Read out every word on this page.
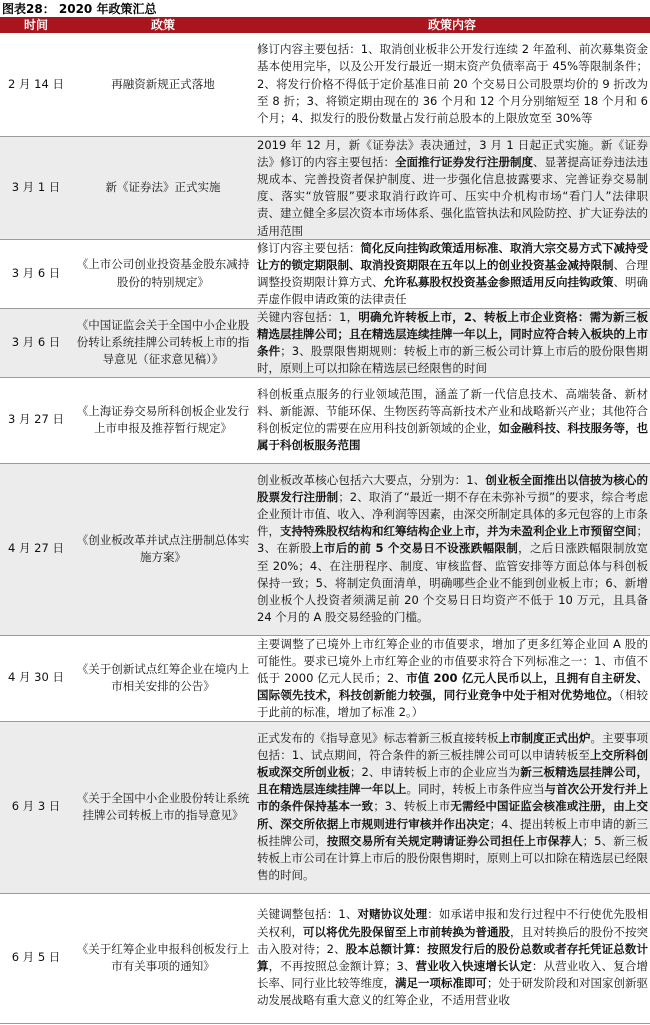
图表28： 2020 年政策汇总
时间	政策	政策内容
2 月 14 日	再融资新规正式落地	修订内容主要包括：1、取消创业板非公开发行连续 2 年盈利、前次募集资金基本使用完毕，以及公开发行最近一期末资产负债率高于 45%等限制条件；2、将发行价格不得低于定价基准日前 20 个交易日公司股票均价的 9 折改为至 8 折；3、将锁定期由现在的 36 个月和 12 个月分别缩短至 18 个月和 6 个月；4、拟发行的股份数量占发行前总股本的上限放宽至 30%等

3 月 1 日	新《证券法》正式实施	2019 年 12 月，新《证券法》表决通过，3 月 1 日起正式实施。新《证券法》修订的内容主要包括：全面推行证券发行注册制度、显著提高证券违法违规成本、完善投资者保护制度、进一步强化信息披露要求、完善证券交易制度、落实“放管服”要求取消行政许可、压实中介机构市场“看门人”法律职责、建立健全多层次资本市场体系、强化监管执法和风险防控、扩大证券法的适用范围

3 月 6 日	《上市公司创业投资基金股东减持股份的特别规定》	修订内容主要包括：简化反向挂钩政策适用标准、取消大宗交易方式下减持受让方的锁定期限制、取消投资期限在五年以上的创业投资基金减持限制、合理调整投资期限计算方式、允许私募股权投资基金参照适用反向挂钩政策、明确弄虚作假申请政策的法律责任

3 月 6 日	《中国证监会关于全国中小企业股份转让系统挂牌公司转板上市的指导意见（征求意见稿）》	关键内容包括：1，明确允许转板上市，2、转板上市企业资格：需为新三板精选层挂牌公司；且在精选层连续挂牌一年以上，同时应符合转入板块的上市条件；3、股票限售期规则：转板上市的新三板公司计算上市后的股份限售期时，原则上可以扣除在精选层已经限售的时间

3 月 27 日	《上海证券交易所科创板企业发行上市申报及推荐暂行规定》	科创板重点服务的行业领域范围，涵盖了新一代信息技术、高端装备、新材料、新能源、节能环保、生物医药等高新技术产业和战略新兴产业；其他符合科创板定位的需要在应用科技创新领域的企业，如金融科技、科技服务等，也属于科创板服务范围

4 月 27 日	《创业板改革并试点注册制总体实施方案》	创业板改革核心包括六大要点，分别为：1、创业板全面推出以信披为核心的股票发行注册制；2、取消了“最近一期不存在未弥补亏损”的要求，综合考虑企业预计市值、收入、净利润等因素，由深交所制定具体的多元包容的上市条件，支持特殊股权结构和红筹结构企业上市，并为未盈利企业上市预留空间；3、在新股上市后的前 5 个交易日不设涨跌幅限制，之后日涨跌幅限制放宽至 20%；4、在注册程序、制度、审核监督、监管安排等方面总体与科创板保持一致；5、将制定负面清单，明确哪些企业不能到创业板上市；6、新增创业板个人投资者须满足前 20 个交易日日均资产不低于 10 万元，且具备 24 个月的 A 股交易经验的门槛。

4 月 30 日	《关于创新试点红筹企业在境内上市相关安排的公告》	主要调整了已境外上市红筹企业的市值要求，增加了更多红筹企业回 A 股的可能性。要求已境外上市红筹企业的市值要求符合下列标准之一：1、市值不低于 2000 亿元人民币；2、市值 200 亿元人民币以上，且拥有自主研发、国际领先技术，科技创新能力较强，同行业竞争中处于相对优势地位。（相较于此前的标准，增加了标准 2。）

6 月 3 日	《关于全国中小企业股份转让系统挂牌公司转板上市的指导意见》	正式发布的《指导意见》标志着新三板直接转板上市制度正式出炉。主要事项包括：1、试点期间，符合条件的新三板挂牌公司可以申请转板至上交所科创板或深交所创业板；2、申请转板上市的企业应当为新三板精选层挂牌公司，且在精选层连续挂牌一年以上。同时，转板上市条件应当与首次公开发行并上市的条件保持基本一致；3、转板上市无需经中国证监会核准或注册，由上交所、深交所依据上市规则进行审核并作出决定；4、提出转板上市申请的新三板挂牌公司，按照交易所有关规定聘请证券公司担任上市保荐人；5、新三板转板上市公司在计算上市后的股份限售期时，原则上可以扣除在精选层已经限售的时间。

6 月 5 日	《关于红筹企业申报科创板发行上市有关事项的通知》	关键调整包括：1、对赌协议处理：如承诺申报和发行过程中不行使优先股相关权利，可以将优先股保留至上市前转换为普通股，且对转换后的股份不按突击入股对待；2、股本总额计算：按照发行后的股份总数或者存托凭证总数计算，不再按照总金额计算；3、营业收入快速增长认定：从营业收入、复合增长率、同行业比较等维度，满足一项标准即可；处于研发阶段和对国家创新驱动发展战略有重大意义的红筹企业，不适用营业收
